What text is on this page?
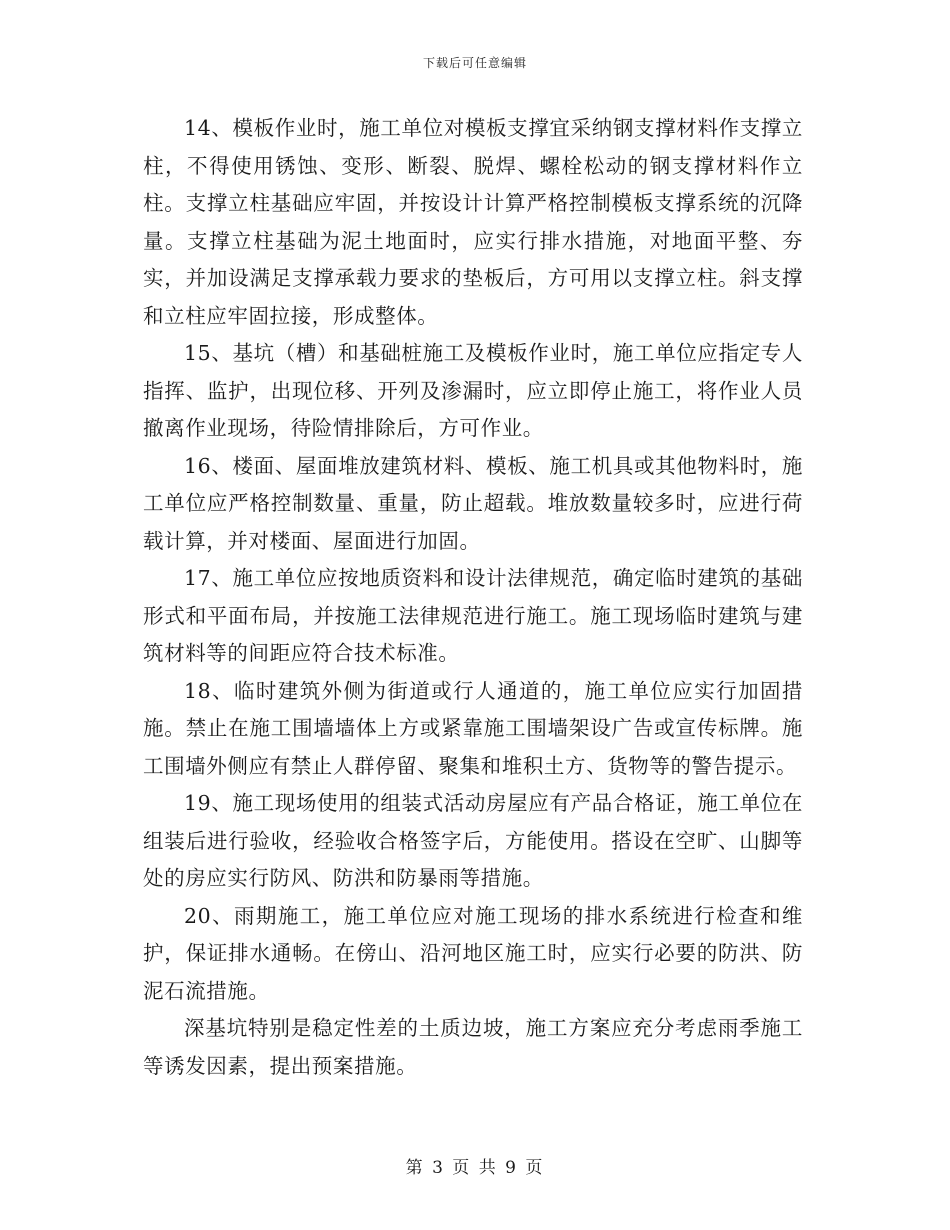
下载后可任意编辑

14、模板作业时，施工单位对模板支撑宜采纳钢支撑材料作支撑立柱，不得使用锈蚀、变形、断裂、脱焊、螺栓松动的钢支撑材料作立柱。支撑立柱基础应牢固，并按设计计算严格控制模板支撑系统的沉降量。支撑立柱基础为泥土地面时，应实行排水措施，对地面平整、夯实，并加设满足支撑承载力要求的垫板后，方可用以支撑立柱。斜支撑和立柱应牢固拉接，形成整体。

15、基坑（槽）和基础桩施工及模板作业时，施工单位应指定专人指挥、监护，出现位移、开列及渗漏时，应立即停止施工，将作业人员撤离作业现场，待险情排除后，方可作业。

16、楼面、屋面堆放建筑材料、模板、施工机具或其他物料时，施工单位应严格控制数量、重量，防止超载。堆放数量较多时，应进行荷载计算，并对楼面、屋面进行加固。

17、施工单位应按地质资料和设计法律规范，确定临时建筑的基础形式和平面布局，并按施工法律规范进行施工。施工现场临时建筑与建筑材料等的间距应符合技术标准。

18、临时建筑外侧为街道或行人通道的，施工单位应实行加固措施。禁止在施工围墙墙体上方或紧靠施工围墙架设广告或宣传标牌。施工围墙外侧应有禁止人群停留、聚集和堆积土方、货物等的警告提示。

19、施工现场使用的组装式活动房屋应有产品合格证，施工单位在组装后进行验收，经验收合格签字后，方能使用。搭设在空旷、山脚等处的房应实行防风、防洪和防暴雨等措施。

20、雨期施工，施工单位应对施工现场的排水系统进行检查和维护，保证排水通畅。在傍山、沿河地区施工时，应实行必要的防洪、防泥石流措施。

深基坑特别是稳定性差的土质边坡，施工方案应充分考虑雨季施工等诱发因素，提出预案措施。

第 3 页 共 9 页
